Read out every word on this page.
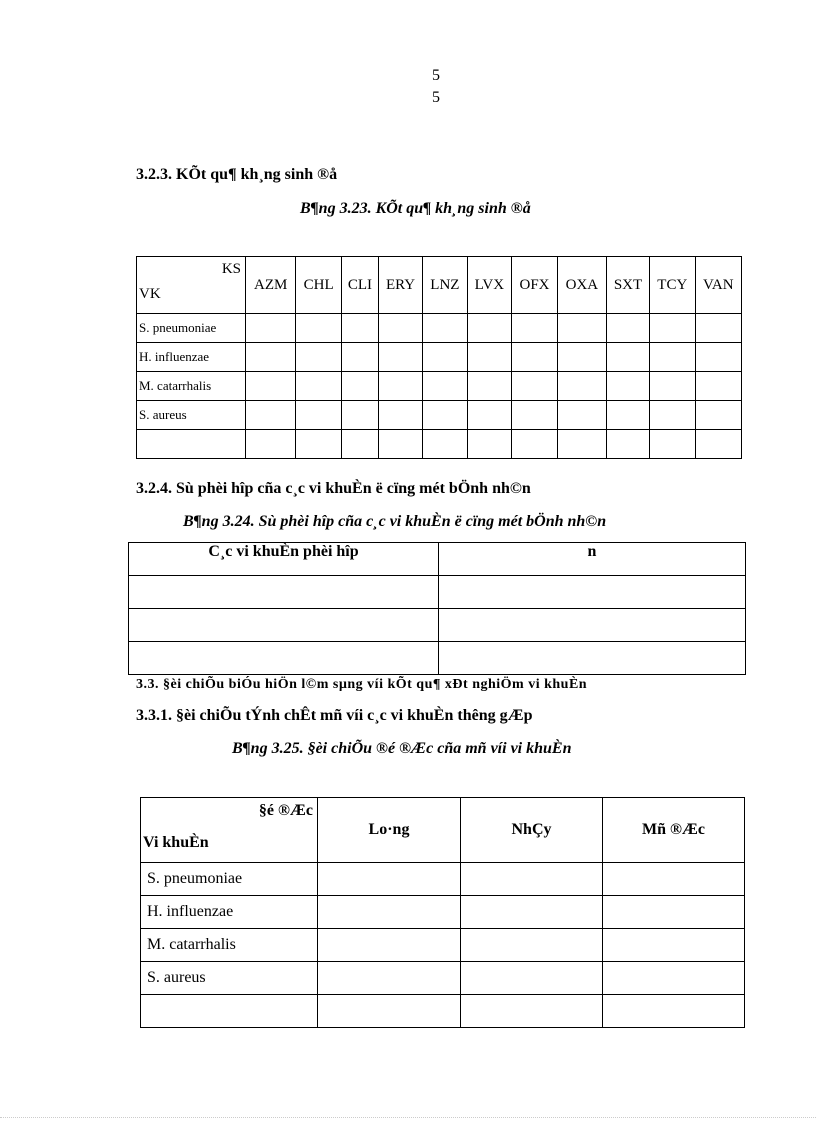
5
5
3.2.3. KÕt qu¶ kh¸ng sinh ®å
B¶ng 3.23. KÕt qu¶ kh¸ng sinh ®å
KS
VK	AZM	CHL	CLI	ERY	LNZ	LVX	OFX	OXA	SXT	TCY	VAN
S. pneumoniae											
H. influenzae											
M. catarrhalis											
S. aureus											

3.2.4. Sù phèi hîp cña c¸c vi khuÈn ë cïng mét bÖnh nh©n
B¶ng 3.24. Sù phèi hîp cña c¸c vi khuÈn ë cïng mét bÖnh nh©n
C¸c vi khuÈn phèi hîp	n

3.3. §èi chiÕu biÓu hiÖn l©m sµng víi kÕt qu¶ xÐt nghiÖm vi khuÈn
3.3.1. §èi chiÕu tÝnh chÊt mñ víi c¸c vi khuÈn thêng gÆp
B¶ng 3.25. §èi chiÕu ®é ®Æc cña mñ víi vi khuÈn
§é ®Æc
Vi khuÈn	Lo·ng	NhÇy	Mñ ®Æc
S. pneumoniae			
H. influenzae			
M. catarrhalis			
S. aureus			
